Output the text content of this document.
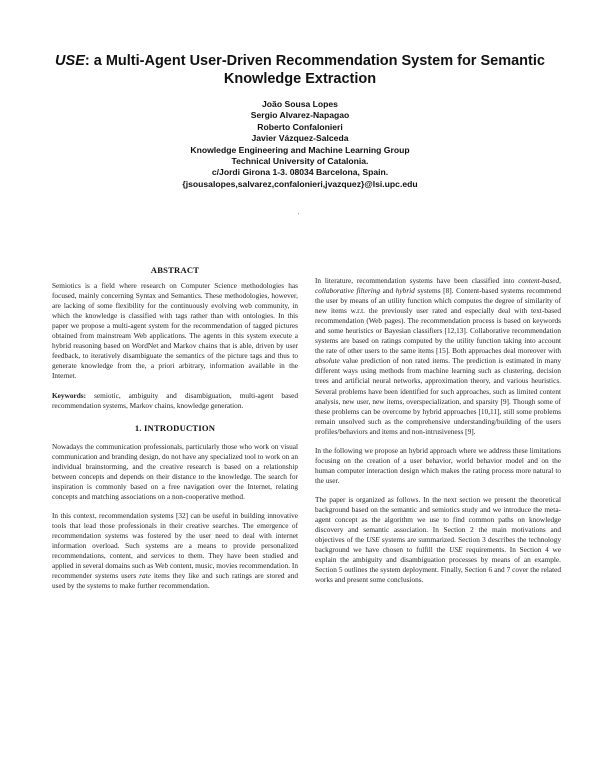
USE: a Multi-Agent User-Driven Recommendation System for Semantic Knowledge Extraction
João Sousa Lopes
Sergio Alvarez-Napagao
Roberto Confalonieri
Javier Vázquez-Salceda
Knowledge Engineering and Machine Learning Group
Technical University of Catalonia.
c/Jordi Girona 1-3. 08034 Barcelona, Spain.
{jsousalopes,salvarez,confalonieri,jvazquez}@lsi.upc.edu
'
ABSTRACT

Semiotics is a field where research on Computer Science methodologies has focused, mainly concerning Syntax and Semantics. These methodologies, however, are lacking of some flexibility for the continuously evolving web community, in which the knowledge is classified with tags rather than with ontologies. In this paper we propose a multi-agent system for the recommendation of tagged pictures obtained from mainstream Web applications. The agents in this system execute a hybrid reasoning based on WordNet and Markov chains that is able, driven by user feedback, to iteratively disambiguate the semantics of the picture tags and thus to generate knowledge from the, a priori arbitrary, information available in the Internet.

Keywords: semiotic, ambiguity and disambiguation, multi-agent based recommendation systems, Markov chains, knowledge generation.

1. INTRODUCTION

Nowadays the communication professionals, particularly those who work on visual communication and branding design, do not have any specialized tool to work on an individual brainstorming, and the creative research is based on a relationship between concepts and depends on their distance to the knowledge. The search for inspiration is commonly based on a free navigation over the Internet, relating concepts and matching associations on a non-cooperative method.

In this context, recommendation systems [32] can be useful in building innovative tools that lead those professionals in their creative searches. The emergence of recommendation systems was fostered by the user need to deal with internet information overload. Such systems are a means to provide personalized recommendations, content, and services to them. They have been studied and applied in several domains such as Web content, music, movies recommendation. In recommender systems users rate items they like and such ratings are stored and used by the systems to make further recommendation.

In literature, recommendation systems have been classified into content-based, collaborative filtering and hybrid systems [8]. Content-based systems recommend the user by means of an utility function which computes the degree of similarity of new items w.r.t. the previously user rated and especially deal with text-based recommendation (Web pages). The recommendation process is based on keywords and some heuristics or Bayesian classifiers [12,13]. Collaborative recommendation systems are based on ratings computed by the utility function taking into account the rate of other users to the same items [15]. Both approaches deal moreover with absolute value prediction of non rated items. The prediction is estimated in many different ways using methods from machine learning such as clustering, decision trees and artificial neural networks, approximation theory, and various heuristics. Several problems have been identified for such approaches, such as limited content analysis, new user, new items, overspecialization, and sparsity [9]. Though some of these problems can be overcome by hybrid approaches [10,11], still some problems remain unsolved such as the comprehensive understanding/building of the users profiles/behaviors and items and non-intrusiveness [9].

In the following we propose an hybrid approach where we address these limitations focusing on the creation of a user behavior, world behavior model and on the human computer interaction design which makes the rating process more natural to the user.

The paper is organized as follows. In the next section we present the theoretical background based on the semantic and semiotics study and we introduce the meta-agent concept as the algorithm we use to find common paths on knowledge discovery and semantic association. In Section 2 the main motivations and objectives of the USE systems are summarized. Section 3 describes the technology background we have chosen to fulfill the USE requirements. In Section 4 we explain the ambiguity and disambiguation processes by means of an example. Section 5 outlines the system deployment. Finally, Section 6 and 7 cover the related works and present some conclusions.
